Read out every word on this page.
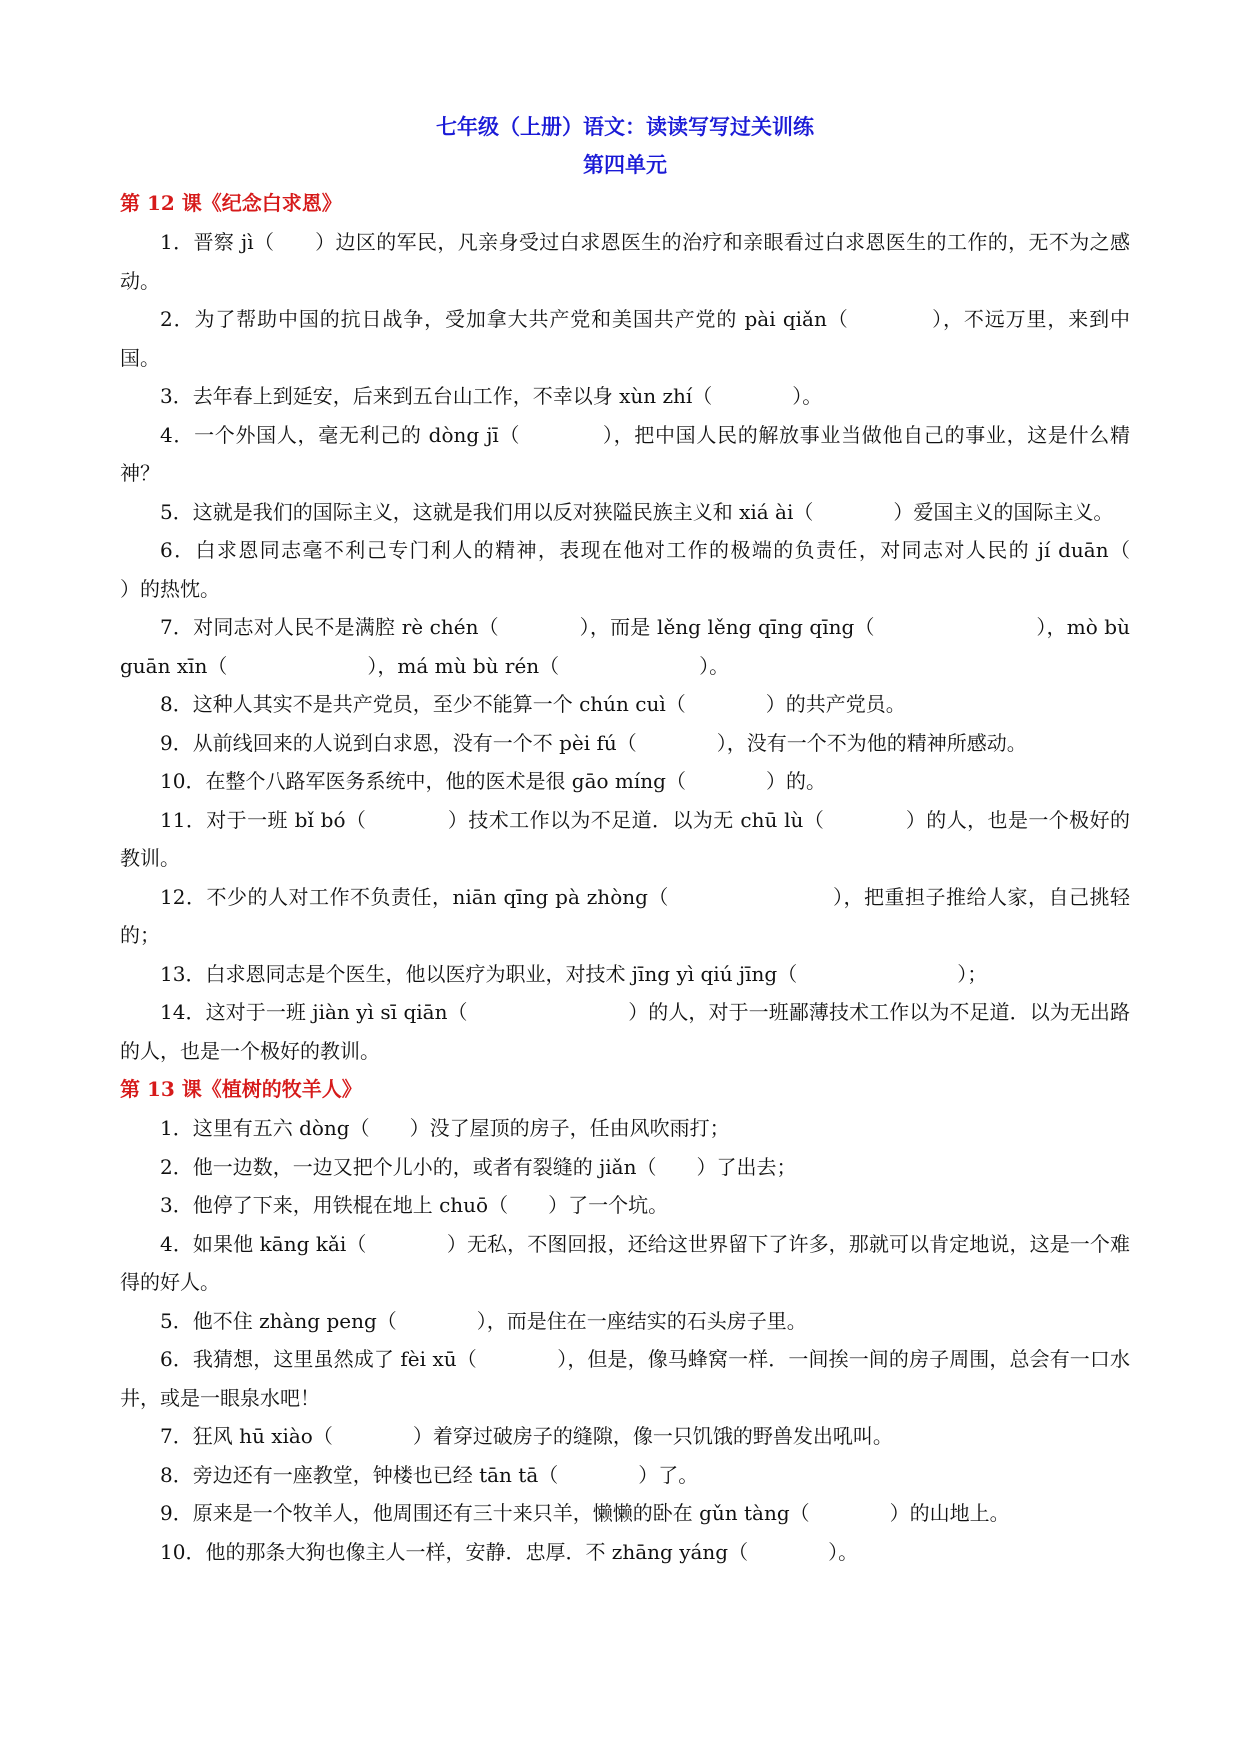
七年级（上册）语文：读读写写过关训练
第四单元
第 12 课《纪念白求恩》

1．晋察 jì（　　）边区的军民，凡亲身受过白求恩医生的治疗和亲眼看过白求恩医生的工作的，无不为之感动。

2．为了帮助中国的抗日战争，受加拿大共产党和美国共产党的 pài qiǎn（　　　　），不远万里，来到中国。

3．去年春上到延安，后来到五台山工作，不幸以身 xùn zhí（　　　　）。

4．一个外国人，毫无利己的 dòng jī（　　　　），把中国人民的解放事业当做他自己的事业，这是什么精神？

5．这就是我们的国际主义，这就是我们用以反对狭隘民族主义和 xiá ài（　　　　）爱国主义的国际主义。

6．白求恩同志毫不利己专门利人的精神，表现在他对工作的极端的负责任，对同志对人民的 jí duān（　　　　）的热忱。

7．对同志对人民不是满腔 rè chén（　　　　），而是 lěng lěng qīng qīng（　　　　　　　　），mò bù guān xīn（　　　　　　　），má mù bù rén（　　　　　　　）。

8．这种人其实不是共产党员，至少不能算一个 chún cuì（　　　　）的共产党员。

9．从前线回来的人说到白求恩，没有一个不 pèi fú（　　　　），没有一个不为他的精神所感动。

10．在整个八路军医务系统中，他的医术是很 gāo míng（　　　　）的。

11．对于一班 bǐ bó（　　　　）技术工作以为不足道．以为无 chū lù（　　　　）的人，也是一个极好的教训。

12．不少的人对工作不负责任，niān qīng pà zhòng（　　　　　　　　），把重担子推给人家，自己挑轻的；

13．白求恩同志是个医生，他以医疗为职业，对技术 jīng yì qiú jīng（　　　　　　　　）；

14．这对于一班 jiàn yì sī qiān（　　　　　　　　）的人，对于一班鄙薄技术工作以为不足道．以为无出路的人，也是一个极好的教训。

第 13 课《植树的牧羊人》

1．这里有五六 dòng（　　）没了屋顶的房子，任由风吹雨打；

2．他一边数，一边又把个儿小的，或者有裂缝的 jiǎn（　　）了出去；

3．他停了下来，用铁棍在地上 chuō（　　）了一个坑。

4．如果他 kāng kǎi（　　　　）无私，不图回报，还给这世界留下了许多，那就可以肯定地说，这是一个难得的好人。

5．他不住 zhàng peng（　　　　），而是住在一座结实的石头房子里。

6．我猜想，这里虽然成了 fèi xū（　　　　），但是，像马蜂窝一样．一间挨一间的房子周围，总会有一口水井，或是一眼泉水吧！

7．狂风 hū xiào（　　　　）着穿过破房子的缝隙，像一只饥饿的野兽发出吼叫。

8．旁边还有一座教堂，钟楼也已经 tān tā（　　　　）了。

9．原来是一个牧羊人，他周围还有三十来只羊，懒懒的卧在 gǔn tàng（　　　　）的山地上。

10．他的那条大狗也像主人一样，安静．忠厚．不 zhāng yáng（　　　　）。
